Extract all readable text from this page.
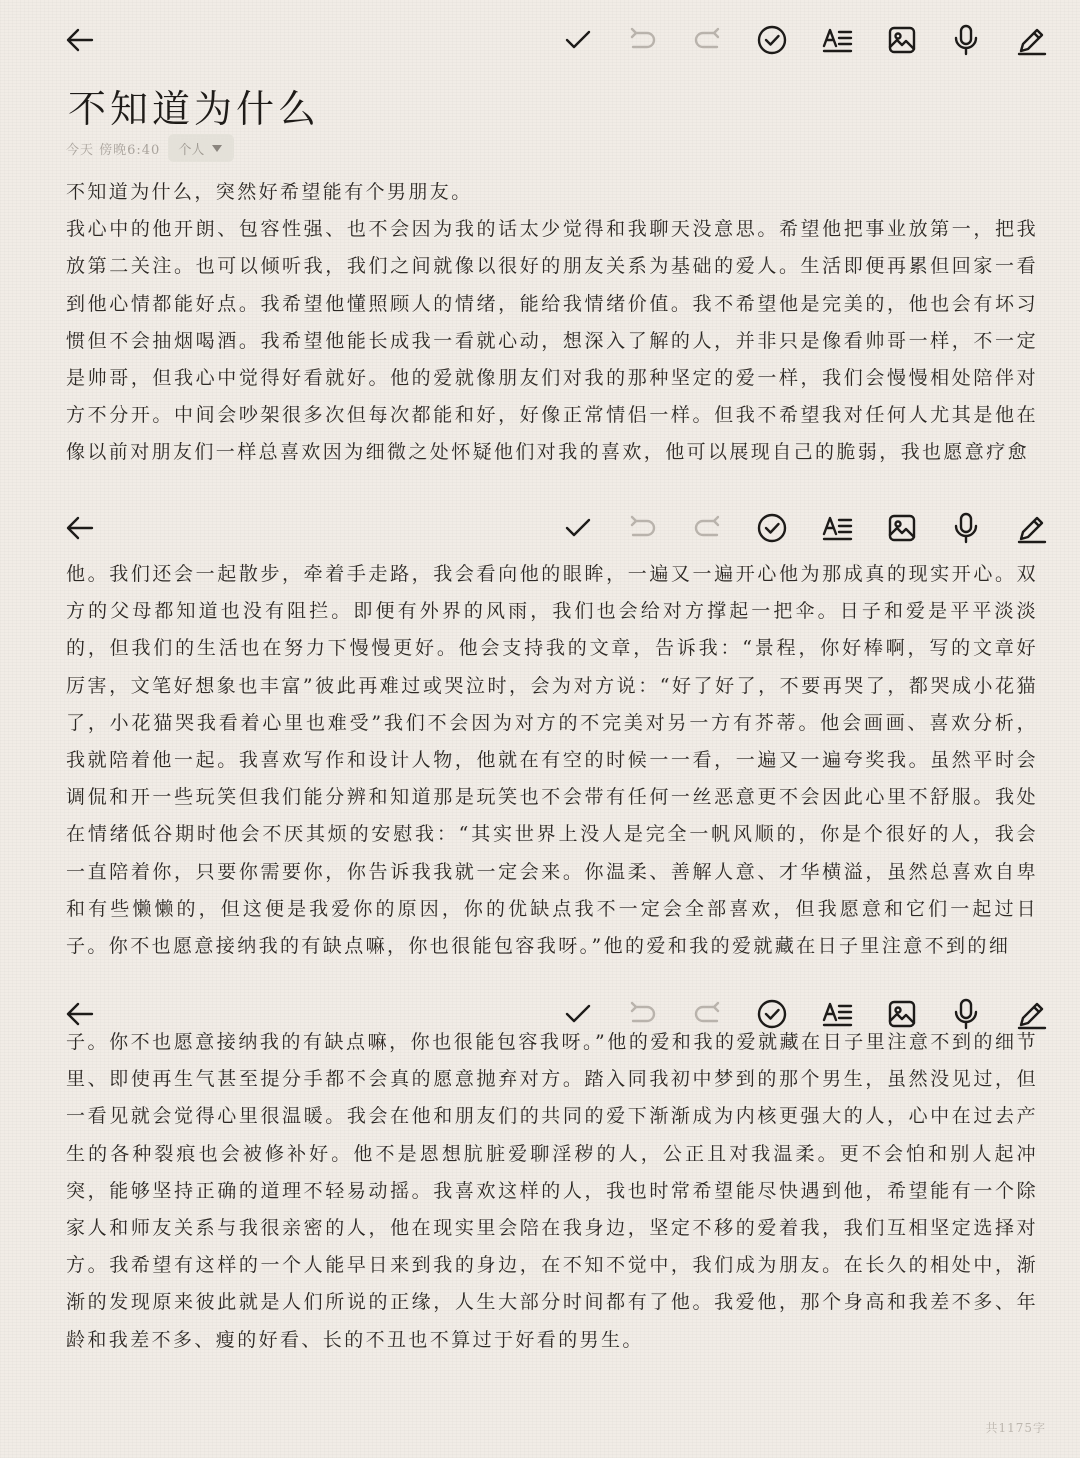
不知道为什么
今天 傍晚6:40 个人
不知道为什么，突然好希望能有个男朋友。
我心中的他开朗、包容性强、也不会因为我的话太少觉得和我聊天没意思。希望他把事业放第一，把我放第二关注。也可以倾听我，我们之间就像以很好的朋友关系为基础的爱人。生活即便再累但回家一看到他心情都能好点。我希望他懂照顾人的情绪，能给我情绪价值。我不希望他是完美的，他也会有坏习惯但不会抽烟喝酒。我希望他能长成我一看就心动，想深入了解的人，并非只是像看帅哥一样，不一定是帅哥，但我心中觉得好看就好。他的爱就像朋友们对我的那种坚定的爱一样，我们会慢慢相处陪伴对方不分开。中间会吵架很多次但每次都能和好，好像正常情侣一样。但我不希望我对任何人尤其是他在像以前对朋友们一样总喜欢因为细微之处怀疑他们对我的喜欢，他可以展现自己的脆弱，我也愿意疗愈
他。我们还会一起散步，牵着手走路，我会看向他的眼眸，一遍又一遍开心他为那成真的现实开心。双方的父母都知道也没有阻拦。即便有外界的风雨，我们也会给对方撑起一把伞。日子和爱是平平淡淡的，但我们的生活也在努力下慢慢更好。他会支持我的文章，告诉我：“景程，你好棒啊，写的文章好厉害，文笔好想象也丰富”彼此再难过或哭泣时，会为对方说：“好了好了，不要再哭了，都哭成小花猫了，小花猫哭我看着心里也难受”我们不会因为对方的不完美对另一方有芥蒂。他会画画、喜欢分析，我就陪着他一起。我喜欢写作和设计人物，他就在有空的时候一一看，一遍又一遍夸奖我。虽然平时会调侃和开一些玩笑但我们能分辨和知道那是玩笑也不会带有任何一丝恶意更不会因此心里不舒服。我处在情绪低谷期时他会不厌其烦的安慰我：“其实世界上没人是完全一帆风顺的，你是个很好的人，我会一直陪着你，只要你需要你，你告诉我我就一定会来。你温柔、善解人意、才华横溢，虽然总喜欢自卑和有些懒懒的，但这便是我爱你的原因，你的优缺点我不一定会全部喜欢，但我愿意和它们一起过日子。你不也愿意接纳我的有缺点嘛，你也很能包容我呀。”他的爱和我的爱就藏在日子里注意不到的细
子。你不也愿意接纳我的有缺点嘛，你也很能包容我呀。”他的爱和我的爱就藏在日子里注意不到的细节里、即使再生气甚至提分手都不会真的愿意抛弃对方。踏入同我初中梦到的那个男生，虽然没见过，但一看见就会觉得心里很温暖。我会在他和朋友们的共同的爱下渐渐成为内核更强大的人，心中在过去产生的各种裂痕也会被修补好。他不是恩想肮脏爱聊淫秽的人，公正且对我温柔。更不会怕和别人起冲突，能够坚持正确的道理不轻易动摇。我喜欢这样的人，我也时常希望能尽快遇到他，希望能有一个除家人和师友关系与我很亲密的人，他在现实里会陪在我身边，坚定不移的爱着我，我们互相坚定选择对方。我希望有这样的一个人能早日来到我的身边，在不知不觉中，我们成为朋友。在长久的相处中，渐渐的发现原来彼此就是人们所说的正缘，人生大部分时间都有了他。我爱他，那个身高和我差不多、年龄和我差不多、瘦的好看、长的不丑也不算过于好看的男生。
共1175字
